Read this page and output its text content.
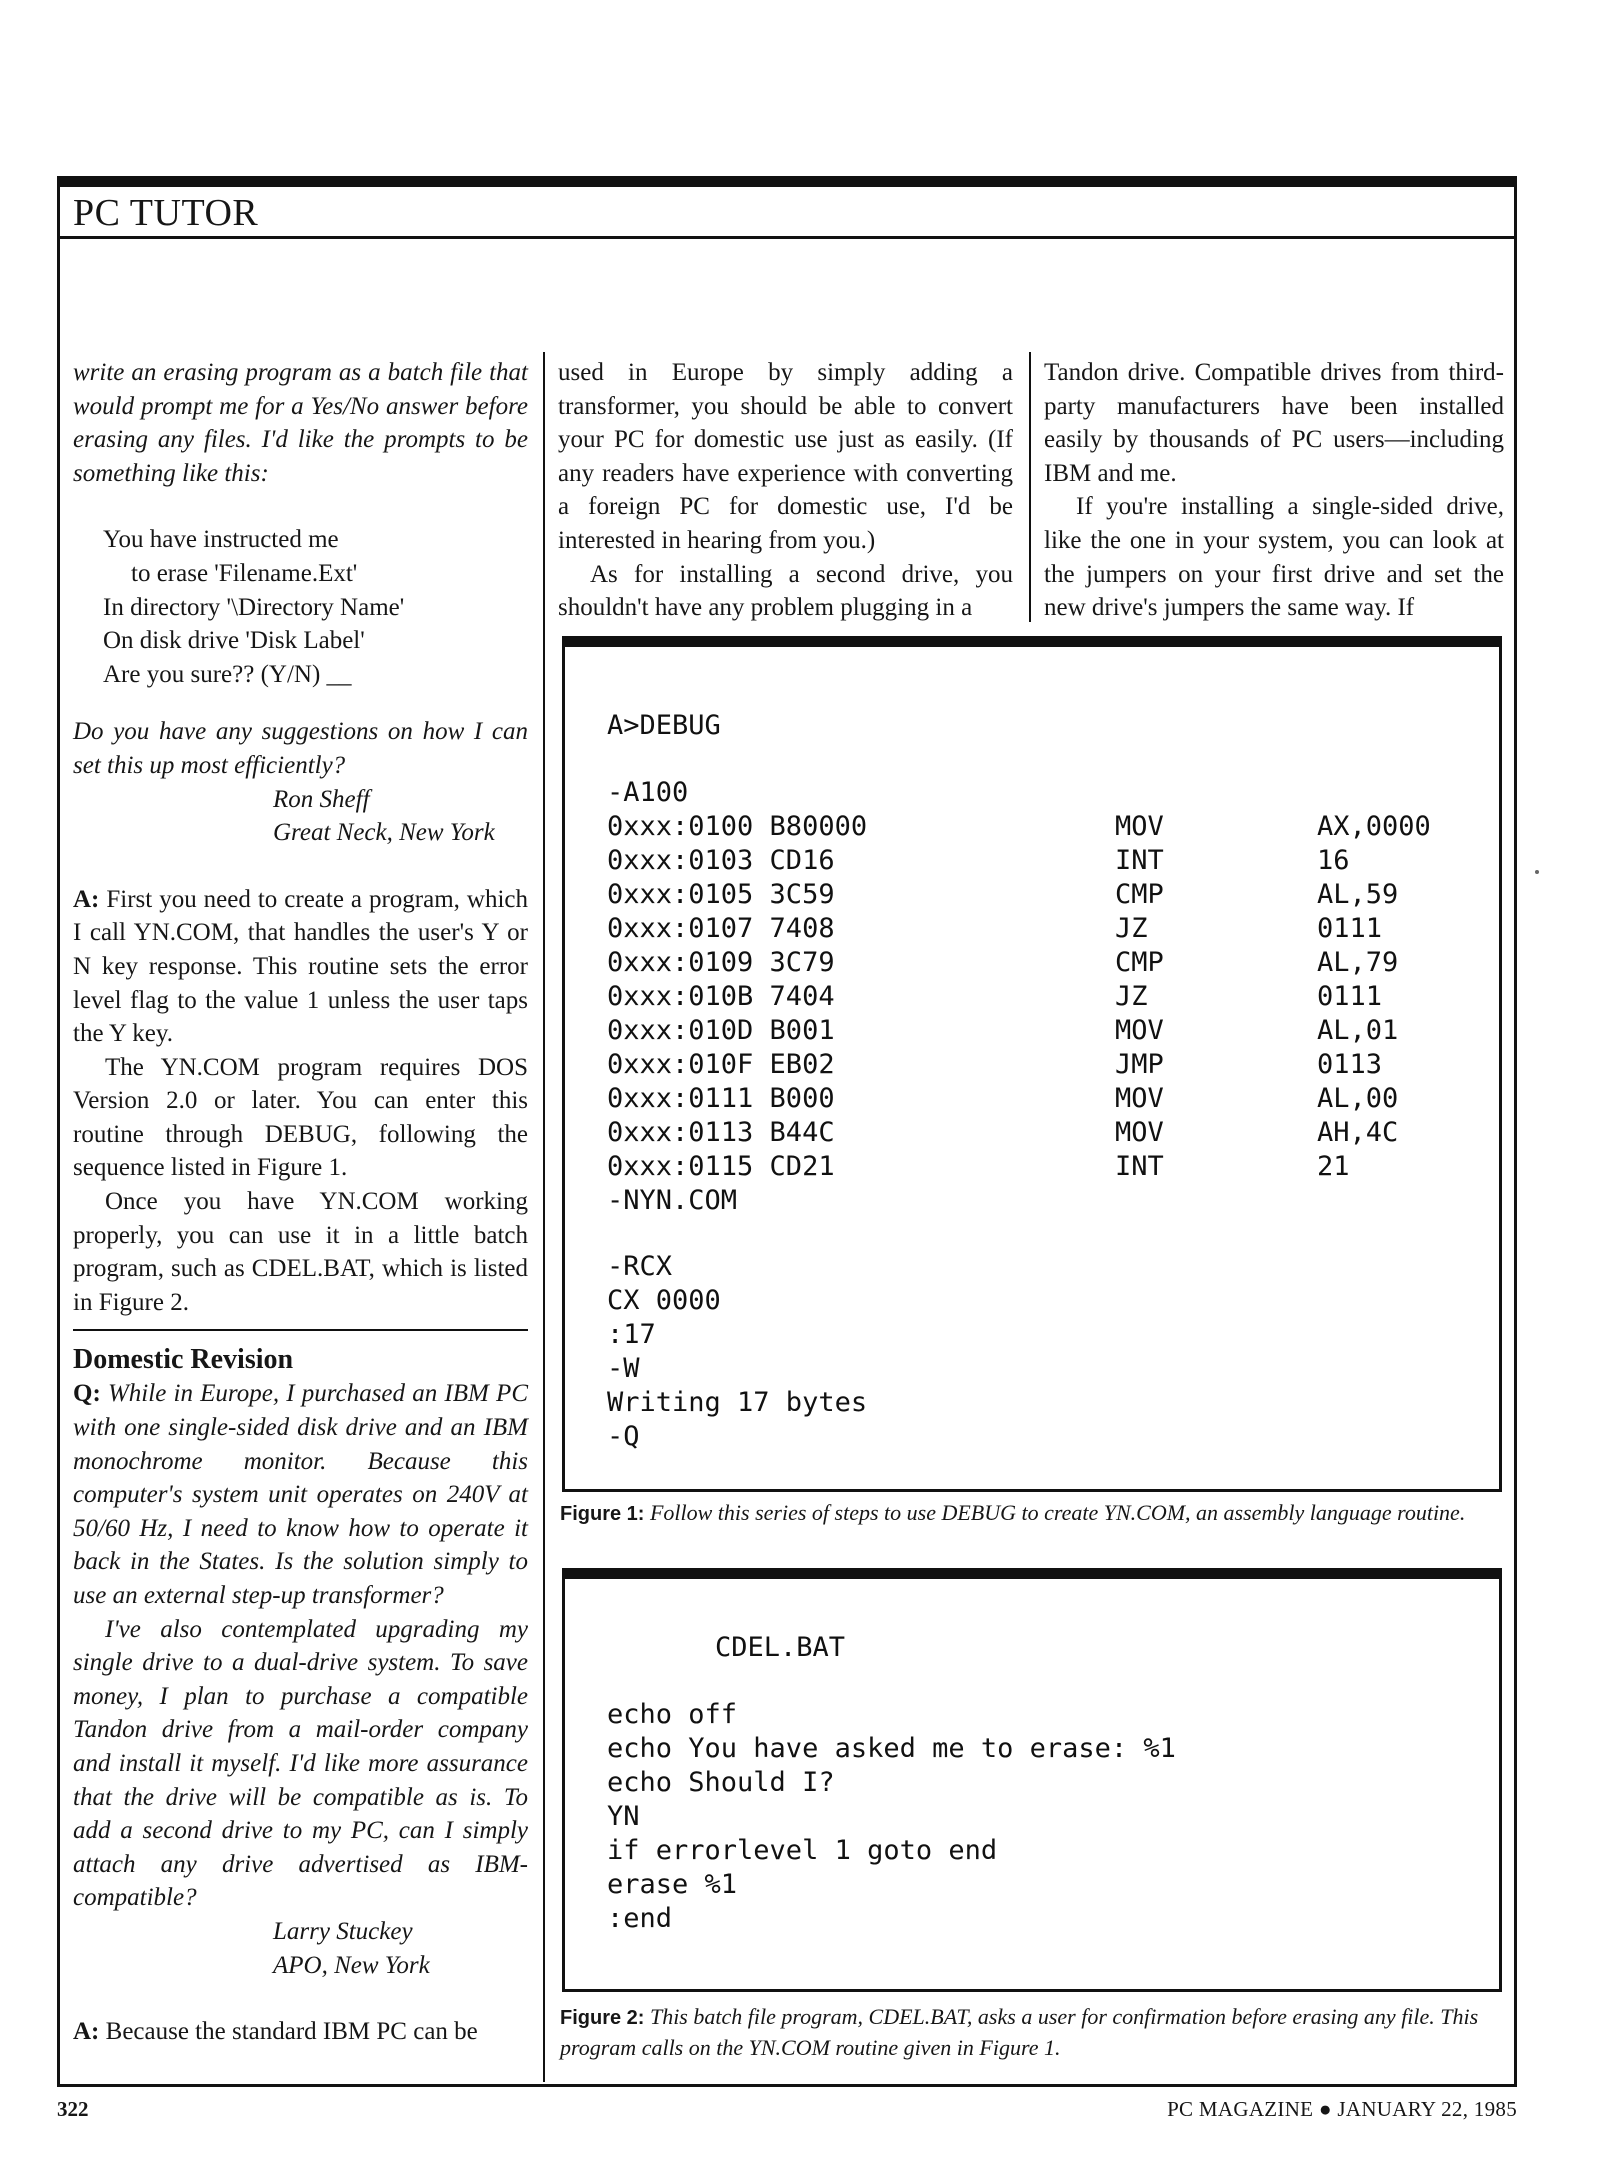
PC TUTOR

write an erasing program as a batch file that would prompt me for a Yes/No answer before erasing any files. I'd like the prompts to be something like this:

You have instructed me
to erase 'Filename.Ext'
In directory '\Directory Name'
On disk drive 'Disk Label'
Are you sure?? (Y/N) __

Do you have any suggestions on how I can set this up most efficiently?

Ron Sheff
Great Neck, New York

A: First you need to create a program, which I call YN.COM, that handles the user's Y or N key response. This routine sets the error level flag to the value 1 unless the user taps the Y key.

The YN.COM program requires DOS Version 2.0 or later. You can enter this routine through DEBUG, following the sequence listed in Figure 1.

Once you have YN.COM working properly, you can use it in a little batch program, such as CDEL.BAT, which is listed in Figure 2.

Domestic Revision

Q: While in Europe, I purchased an IBM PC with one single-sided disk drive and an IBM monochrome monitor. Because this computer's system unit operates on 240V at 50/60 Hz, I need to know how to operate it back in the States. Is the solution simply to use an external step-up transformer?

I've also contemplated upgrading my single drive to a dual-drive system. To save money, I plan to purchase a compatible Tandon drive from a mail-order company and install it myself. I'd like more assurance that the drive will be compatible as is. To add a second drive to my PC, can I simply attach any drive advertised as IBM-compatible?

Larry Stuckey
APO, New York

A: Because the standard IBM PC can be

used in Europe by simply adding a transformer, you should be able to convert your PC for domestic use just as easily. (If any readers have experience with converting a foreign PC for domestic use, I'd be interested in hearing from you.)

As for installing a second drive, you shouldn't have any problem plugging in a

Tandon drive. Compatible drives from third-party manufacturers have been installed easily by thousands of PC users—including IBM and me.

If you're installing a single-sided drive, like the one in your system, you can look at the jumpers on your first drive and set the new drive's jumpers the same way. If

A>DEBUG
-A100
0xxx:0100 B80000	MOV	AX,0000
0xxx:0103 CD16	INT	16
0xxx:0105 3C59	CMP	AL,59
0xxx:0107 7408	JZ	0111
0xxx:0109 3C79	CMP	AL,79
0xxx:010B 7404	JZ	0111
0xxx:010D B001	MOV	AL,01
0xxx:010F EB02	JMP	0113
0xxx:0111 B000	MOV	AL,00
0xxx:0113 B44C	MOV	AH,4C
0xxx:0115 CD21	INT	21
-NYN.COM
-RCX
CX 0000
:17
-W
Writing 17 bytes
-Q
Figure 1: Follow this series of steps to use DEBUG to create YN.COM, an assembly language routine.
CDEL.BAT
echo off
echo You have asked me to erase: %1
echo Should I?
YN
if errorlevel 1 goto end
erase %1
:end
Figure 2: This batch file program, CDEL.BAT, asks a user for confirmation before erasing any file. This program calls on the YN.COM routine given in Figure 1.
322	PC MAGAZINE ● JANUARY 22, 1985
